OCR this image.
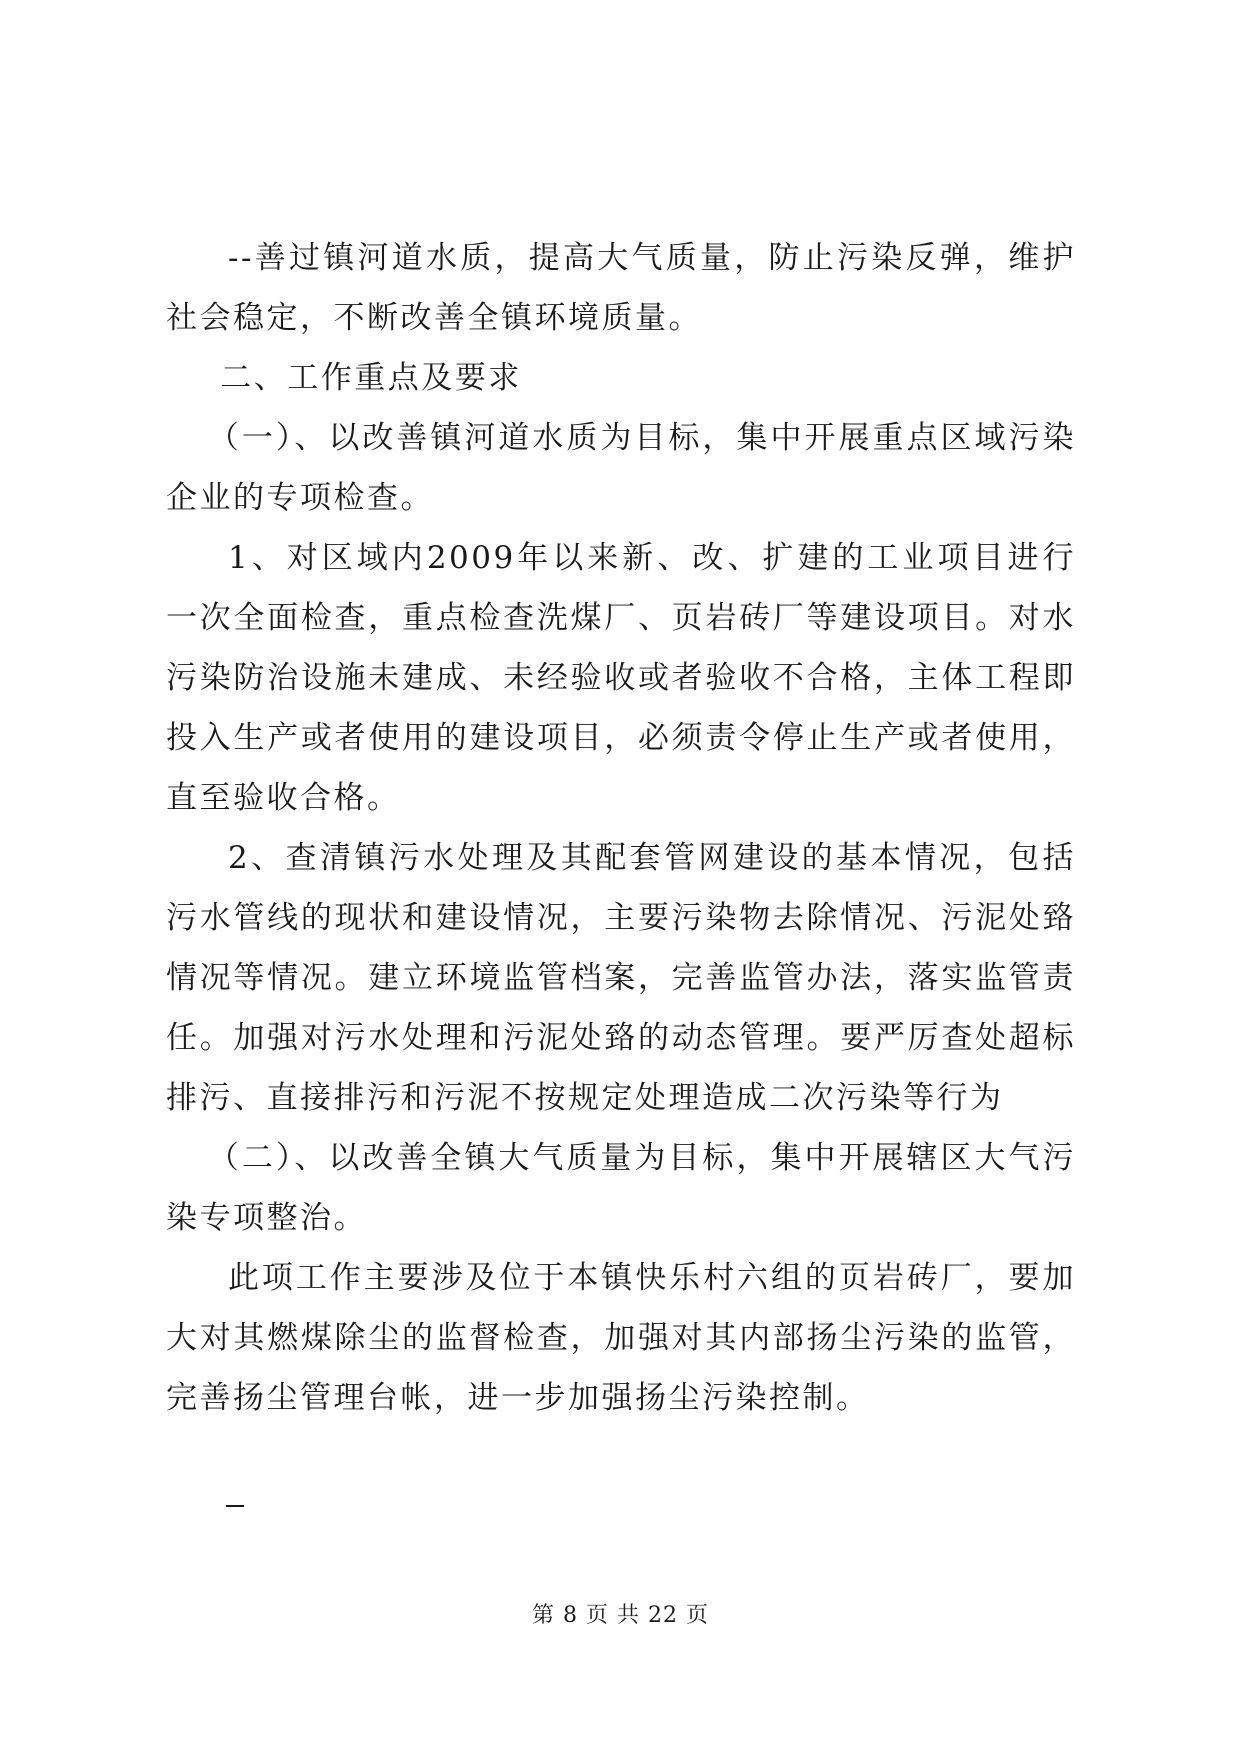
--善过镇河道水质，提高大气质量，防止污染反弹，维护社会稳定，不断改善全镇环境质量。

二、工作重点及要求

（一）、以改善镇河道水质为目标，集中开展重点区域污染企业的专项检查。

1、对区域内2009年以来新、改、扩建的工业项目进行一次全面检查，重点检查洗煤厂、页岩砖厂等建设项目。对水污染防治设施未建成、未经验收或者验收不合格，主体工程即投入生产或者使用的建设项目，必须责令停止生产或者使用，直至验收合格。

2、查清镇污水处理及其配套管网建设的基本情况，包括污水管线的现状和建设情况，主要污染物去除情况、污泥处臵情况等情况。建立环境监管档案，完善监管办法，落实监管责任。加强对污水处理和污泥处臵的动态管理。要严厉查处超标排污、直接排污和污泥不按规定处理造成二次污染等行为

（二）、以改善全镇大气质量为目标，集中开展辖区大气污染专项整治。

此项工作主要涉及位于本镇快乐村六组的页岩砖厂，要加大对其燃煤除尘的监督检查，加强对其内部扬尘污染的监管，完善扬尘管理台帐，进一步加强扬尘污染控制。

第 8 页 共 22 页
